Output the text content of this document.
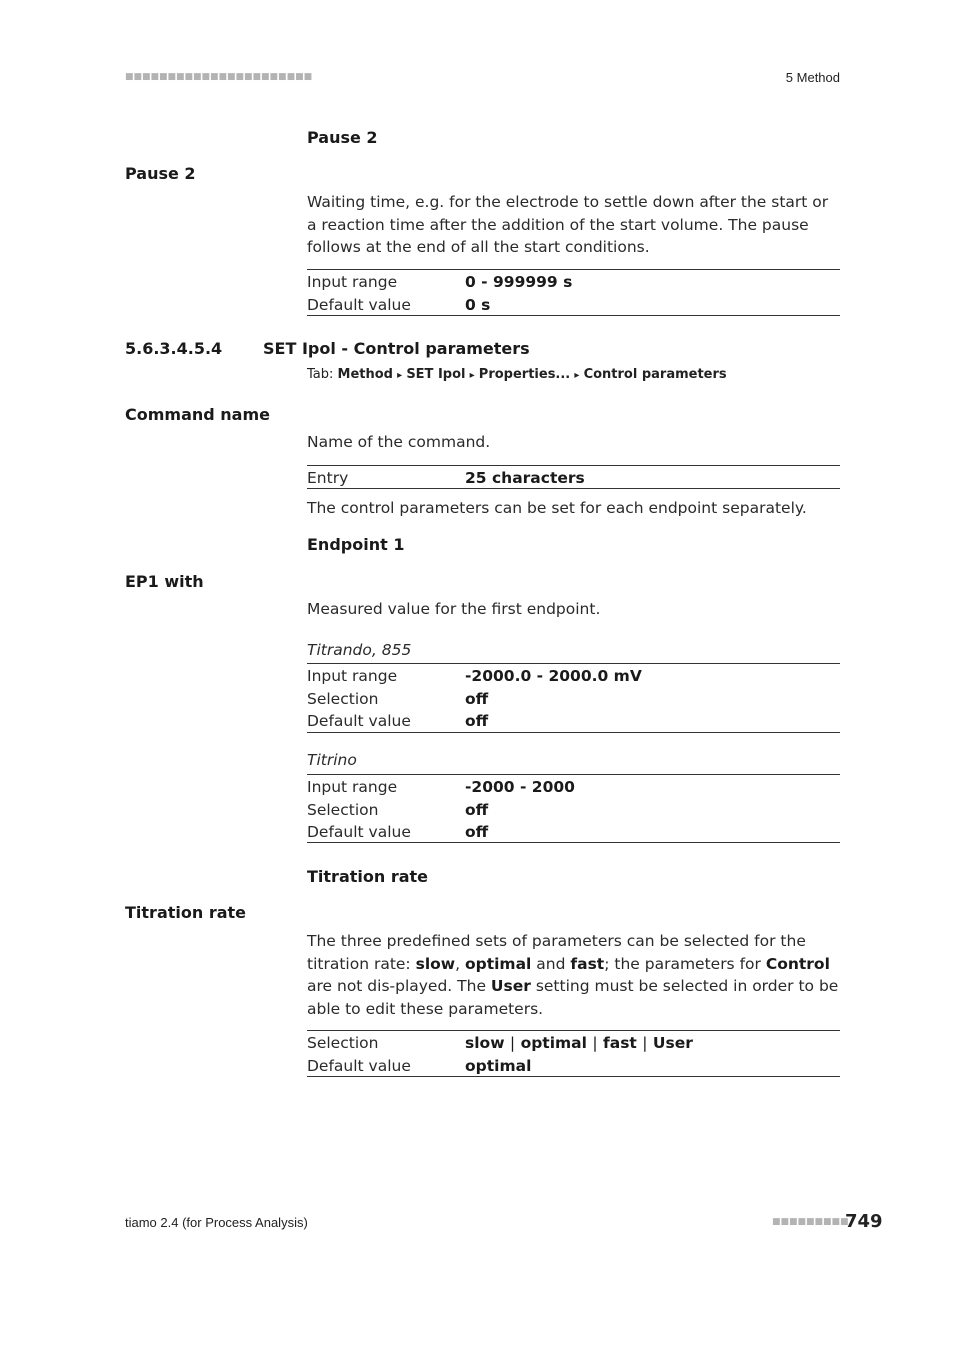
■■■■■■■■■■■■■■■■■■■■■■	5 Method
Pause 2
Pause 2
Waiting time, e.g. for the electrode to settle down after the start or a reaction time after the addition of the start volume. The pause follows at the end of all the start conditions.
Input range	0 - 999999 s
Default value	0 s
5.6.3.4.5.4	SET Ipol - Control parameters
Tab: Method ▸ SET Ipol ▸ Properties... ▸ Control parameters
Command name
Name of the command.
Entry	25 characters
The control parameters can be set for each endpoint separately.
Endpoint 1
EP1 with
Measured value for the first endpoint.
Titrando, 855
Input range	-2000.0 - 2000.0 mV
Selection	off
Default value	off
Titrino
Input range	-2000 - 2000
Selection	off
Default value	off
Titration rate
Titration rate
The three predefined sets of parameters can be selected for the titration rate: slow, optimal and fast; the parameters for Control are not dis-played. The User setting must be selected in order to be able to edit these parameters.
Selection	slow | optimal | fast | User
Default value	optimal
tiamo 2.4 (for Process Analysis)	■■■■■■■■■
749
